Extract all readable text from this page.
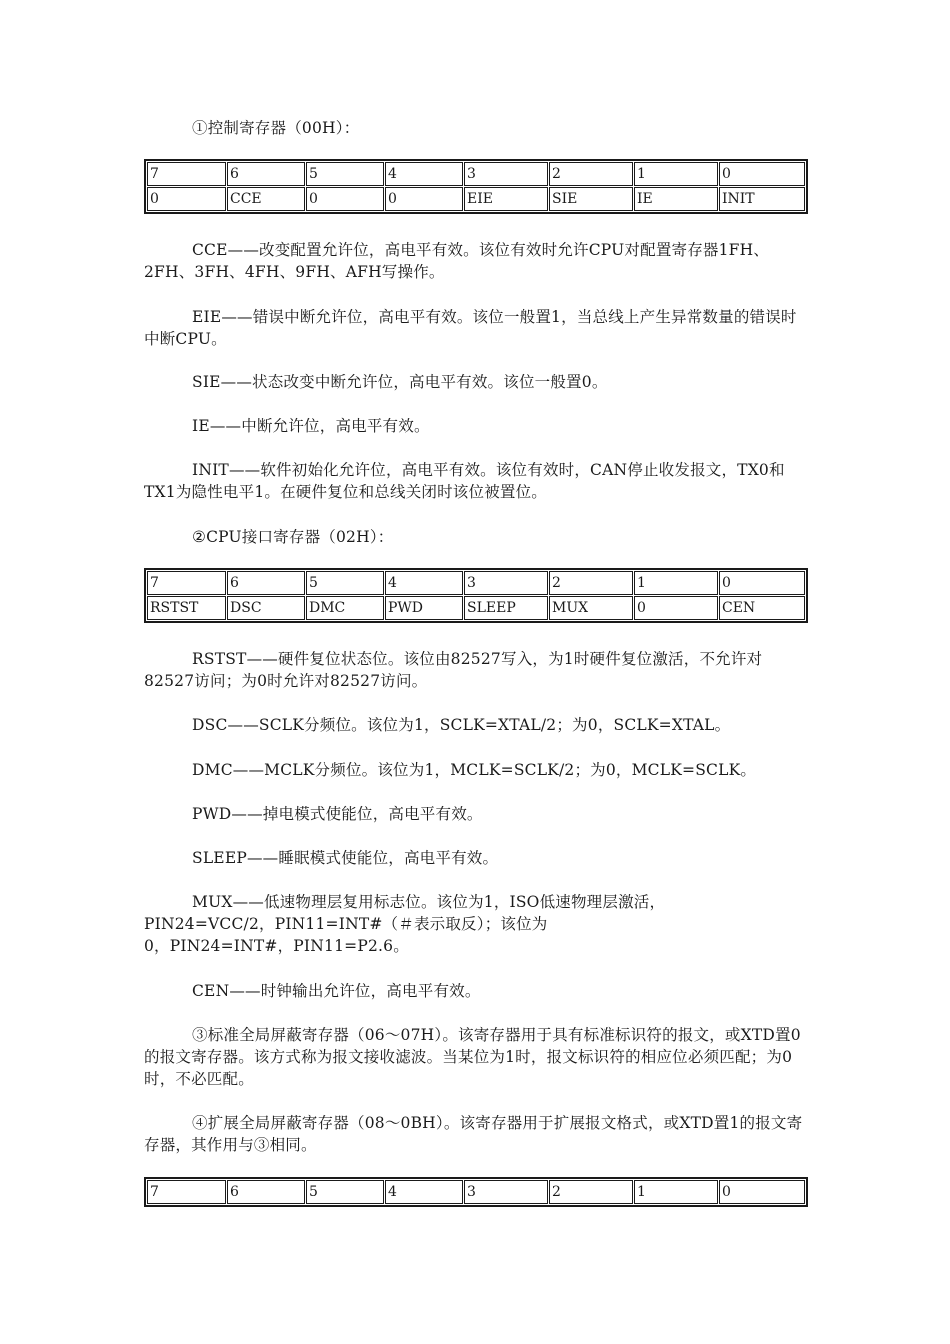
①控制寄存器（00H）：

7	6	5	4	3	2	1	0
0	CCE	0	0	EIE	SIE	IE	INIT

CCE——改变配置允许位，高电平有效。该位有效时允许CPU对配置寄存器1FH、2FH、3FH、4FH、9FH、AFH写操作。

EIE——错误中断允许位，高电平有效。该位一般置1，当总线上产生异常数量的错误时中断CPU。

SIE——状态改变中断允许位，高电平有效。该位一般置0。

IE——中断允许位，高电平有效。

INIT——软件初始化允许位，高电平有效。该位有效时，CAN停止收发报文，TX0和TX1为隐性电平1。在硬件复位和总线关闭时该位被置位。

②CPU接口寄存器（02H）：

7	6	5	4	3	2	1	0
RSTST	DSC	DMC	PWD	SLEEP	MUX	0	CEN

RSTST——硬件复位状态位。该位由82527写入，为1时硬件复位激活，不允许对82527访问；为0时允许对82527访问。

DSC——SCLK分频位。该位为1，SCLK=XTAL/2；为0，SCLK=XTAL。

DMC——MCLK分频位。该位为1，MCLK=SCLK/2；为0，MCLK=SCLK。

PWD——掉电模式使能位，高电平有效。

SLEEP——睡眠模式使能位，高电平有效。

MUX——低速物理层复用标志位。该位为1，ISO低速物理层激活，

PIN24=VCC/2，PIN11=INT#（＃表示取反）；该位为

0，PIN24=INT#，PIN11=P2.6。

CEN——时钟输出允许位，高电平有效。

③标准全局屏蔽寄存器（06～07H）。该寄存器用于具有标准标识符的报文，或XTD置0的报文寄存器。该方式称为报文接收滤波。当某位为1时，报文标识符的相应位必须匹配；为0时，不必匹配。

④扩展全局屏蔽寄存器（08～0BH）。该寄存器用于扩展报文格式，或XTD置1的报文寄存器，其作用与③相同。

7	6	5	4	3	2	1	0
